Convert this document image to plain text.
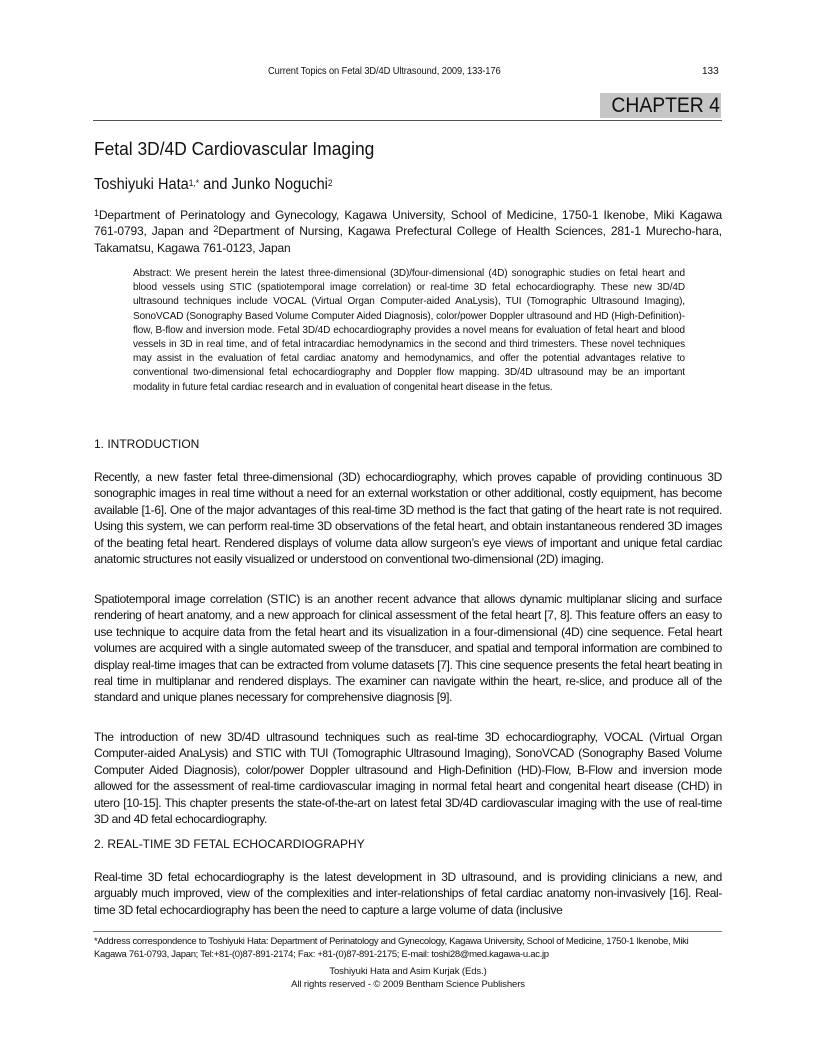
Current Topics on Fetal 3D/4D Ultrasound, 2009, 133-176	133
CHAPTER 4
Fetal 3D/4D Cardiovascular Imaging
Toshiyuki Hata$^{1,*}$ and Junko Noguchi$^2$
$^1$Department of Perinatology and Gynecology, Kagawa University, School of Medicine, 1750-1 Ikenobe, Miki Kagawa 761-0793, Japan and $^2$Department of Nursing, Kagawa Prefectural College of Health Sciences, 281-1 Murecho-hara, Takamatsu, Kagawa 761-0123, Japan
Abstract: We present herein the latest three-dimensional (3D)/four-dimensional (4D) sonographic studies on fetal heart and blood vessels using STIC (spatiotemporal image correlation) or real-time 3D fetal echocardiography. These new 3D/4D ultrasound techniques include VOCAL (Virtual Organ Computer-aided AnaLysis), TUI (Tomographic Ultrasound Imaging), SonoVCAD (Sonography Based Volume Computer Aided Diagnosis), color/power Doppler ultrasound and HD (High-Definition)-flow, B-flow and inversion mode. Fetal 3D/4D echocardiography provides a novel means for evaluation of fetal heart and blood vessels in 3D in real time, and of fetal intracardiac hemodynamics in the second and third trimesters. These novel techniques may assist in the evaluation of fetal cardiac anatomy and hemodynamics, and offer the potential advantages relative to conventional two-dimensional fetal echocardiography and Doppler flow mapping. 3D/4D ultrasound may be an important modality in future fetal cardiac research and in evaluation of congenital heart disease in the fetus.
1. INTRODUCTION
Recently, a new faster fetal three-dimensional (3D) echocardiography, which proves capable of providing continuous 3D sonographic images in real time without a need for an external workstation or other additional, costly equipment, has become available [1-6]. One of the major advantages of this real-time 3D method is the fact that gating of the heart rate is not required. Using this system, we can perform real-time 3D observations of the fetal heart, and obtain instantaneous rendered 3D images of the beating fetal heart. Rendered displays of volume data allow surgeon’s eye views of important and unique fetal cardiac anatomic structures not easily visualized or understood on conventional two-dimensional (2D) imaging.
Spatiotemporal image correlation (STIC) is an another recent advance that allows dynamic multiplanar slicing and surface rendering of heart anatomy, and a new approach for clinical assessment of the fetal heart [7, 8]. This feature offers an easy to use technique to acquire data from the fetal heart and its visualization in a four-dimensional (4D) cine sequence. Fetal heart volumes are acquired with a single automated sweep of the transducer, and spatial and temporal information are combined to display real-time images that can be extracted from volume datasets [7]. This cine sequence presents the fetal heart beating in real time in multiplanar and rendered displays. The examiner can navigate within the heart, re-slice, and produce all of the standard and unique planes necessary for comprehensive diagnosis [9].
The introduction of new 3D/4D ultrasound techniques such as real-time 3D echocardiography, VOCAL (Virtual Organ Computer-aided AnaLysis) and STIC with TUI (Tomographic Ultrasound Imaging), SonoVCAD (Sonography Based Volume Computer Aided Diagnosis), color/power Doppler ultrasound and High-Definition (HD)-Flow, B-Flow and inversion mode allowed for the assessment of real-time cardiovascular imaging in normal fetal heart and congenital heart disease (CHD) in utero [10-15]. This chapter presents the state-of-the-art on latest fetal 3D/4D cardiovascular imaging with the use of real-time 3D and 4D fetal echocardiography.
2. REAL-TIME 3D FETAL ECHOCARDIOGRAPHY
Real-time 3D fetal echocardiography is the latest development in 3D ultrasound, and is providing clinicians a new, and arguably much improved, view of the complexities and inter-relationships of fetal cardiac anatomy non-invasively [16]. Real-time 3D fetal echocardiography has been the need to capture a large volume of data (inclusive
*Address correspondence to Toshiyuki Hata: Department of Perinatology and Gynecology, Kagawa University, School of Medicine, 1750-1 Ikenobe, Miki Kagawa 761-0793, Japan; Tel:+81-(0)87-891-2174; Fax: +81-(0)87-891-2175; E-mail: toshi28@med.kagawa-u.ac.jp
Toshiyuki Hata and Asim Kurjak (Eds.)
All rights reserved - © 2009 Bentham Science Publishers
